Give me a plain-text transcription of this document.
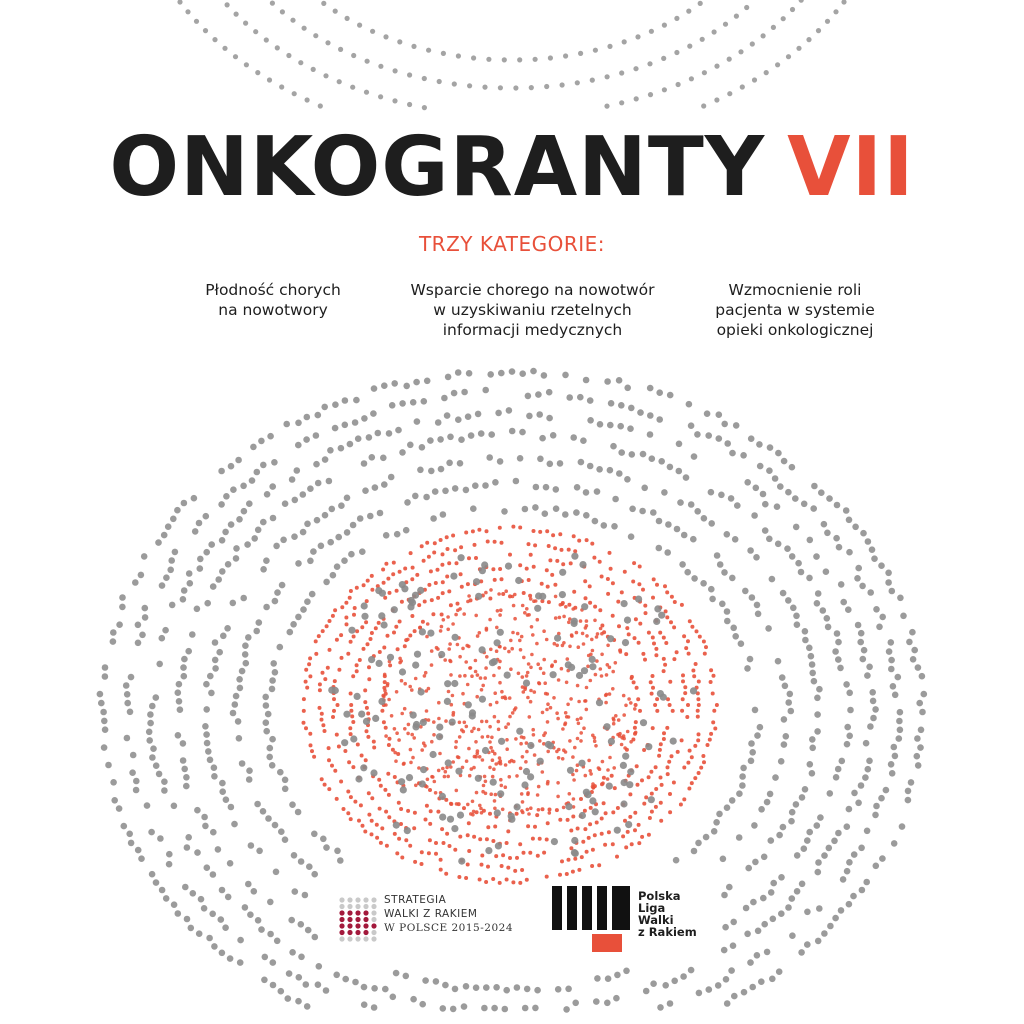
ONKOGRANTY VII
TRZY KATEGORIE:
Płodność chorych
na nowotwory
Wsparcie chorego na nowotwór
w uzyskiwaniu rzetelnych
informacji medycznych
Wzmocnienie roli
pacjenta w systemie
opieki onkologicznej
STRATEGIA
WALKI Z RAKIEM
W POLSCE 2015-2024
Polska
Liga
Walki
z Rakiem
